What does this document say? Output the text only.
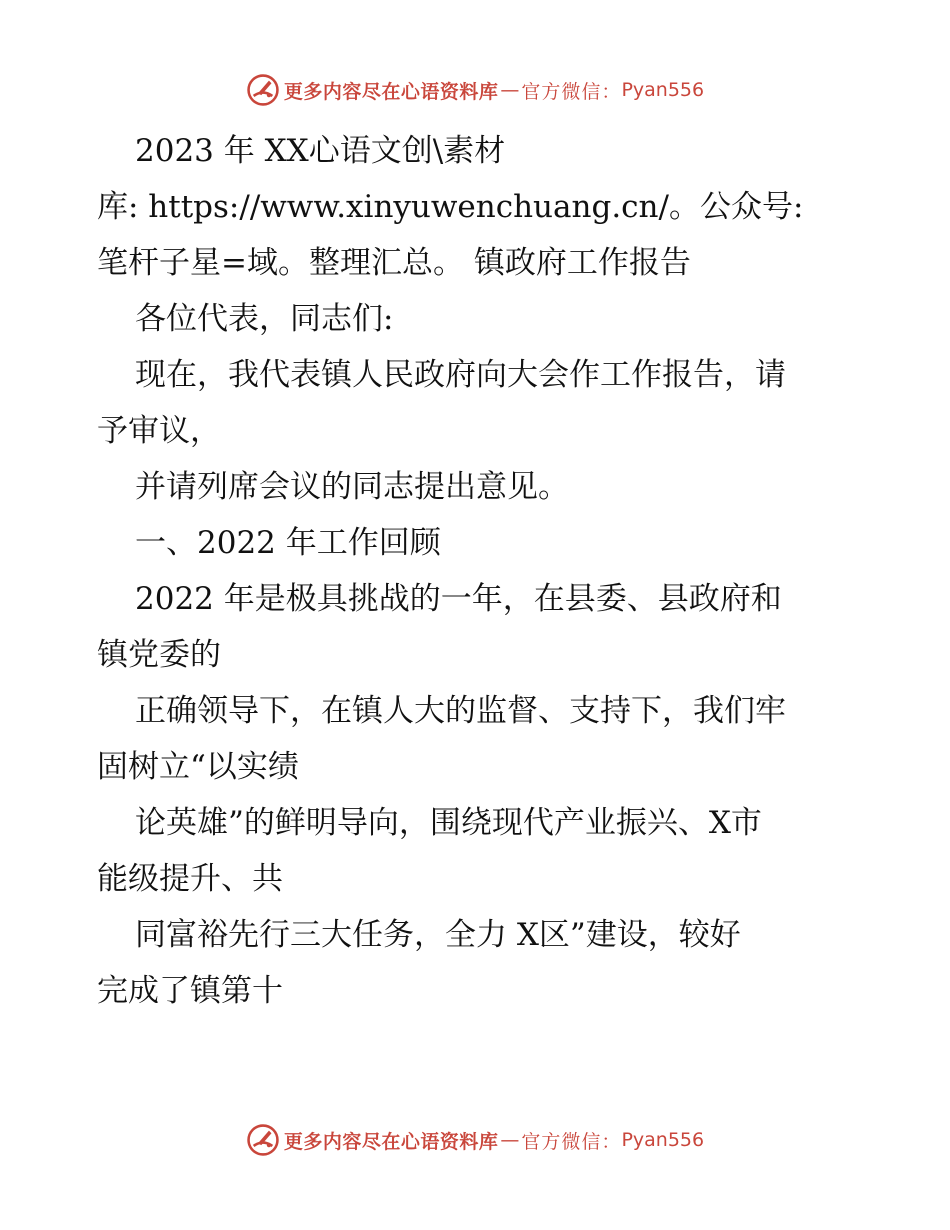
更多内容尽在心语资料库 — 官方微信： Pyan556
2023 年 XX心语文创\素材
库: https://www.xinyuwenchuang.cn/。公众号:
笔杆子星=域。整理汇总。 镇政府工作报告
各位代表，同志们:
现在，我代表镇人民政府向大会作工作报告，请
予审议，
并请列席会议的同志提出意见。
一、2022 年工作回顾
2022 年是极具挑战的一年，在县委、县政府和
镇党委的
正确领导下，在镇人大的监督、支持下，我们牢
固树立“以实绩
论英雄”的鲜明导向，围绕现代产业振兴、X市
能级提升、共
同富裕先行三大任务，全力 X区”建设，较好
完成了镇第十
更多内容尽在心语资料库 — 官方微信： Pyan556
